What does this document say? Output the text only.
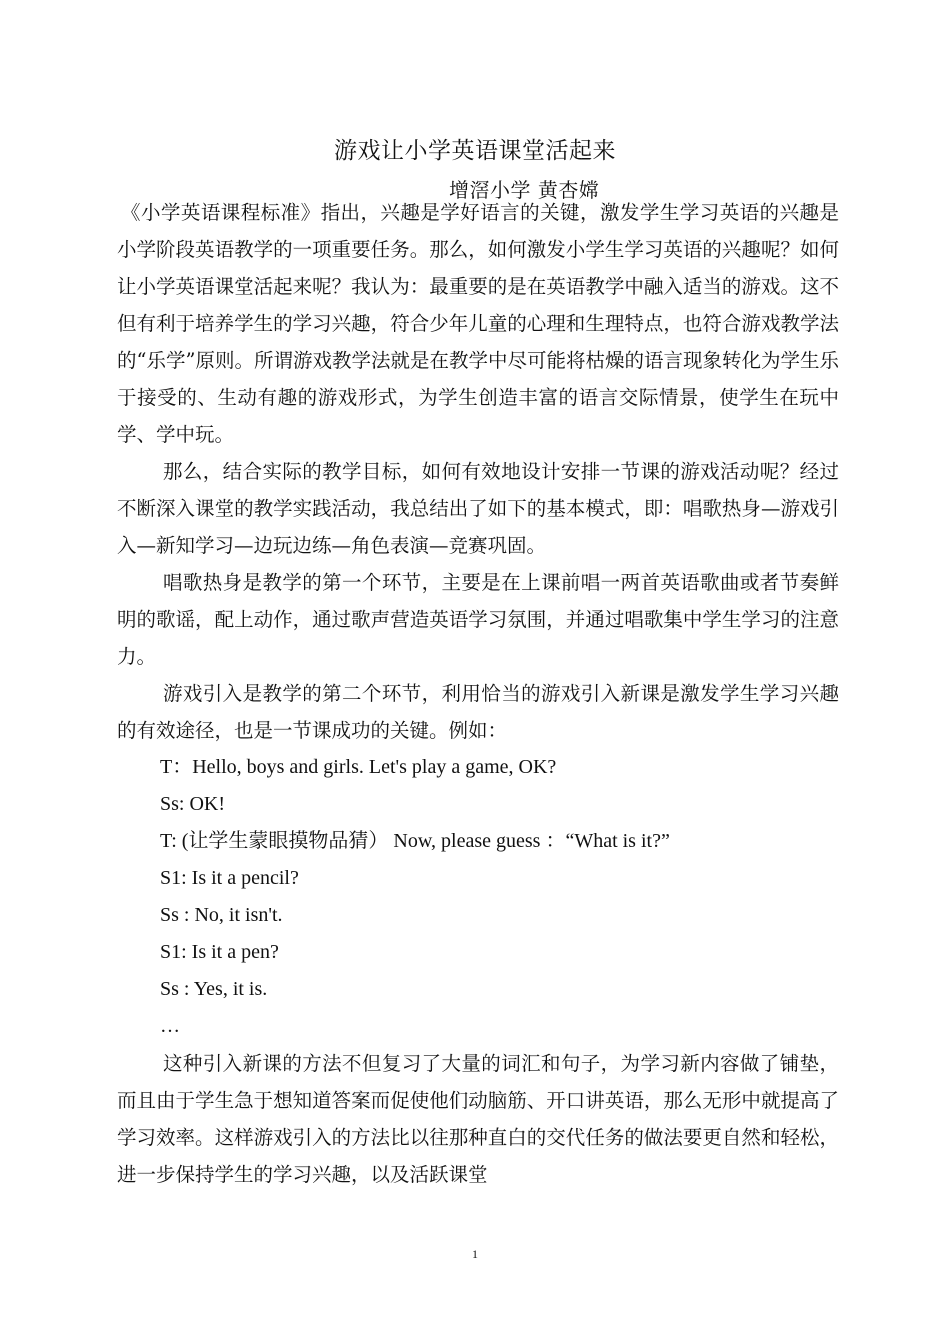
游戏让小学英语课堂活起来
增滘小学 黄杏嫦

《小学英语课程标准》指出，兴趣是学好语言的关键，激发学生学习英语的兴趣是小学阶段英语教学的一项重要任务。那么，如何激发小学生学习英语的兴趣呢？如何让小学英语课堂活起来呢？我认为：最重要的是在英语教学中融入适当的游戏。这不但有利于培养学生的学习兴趣，符合少年儿童的心理和生理特点，也符合游戏教学法的“乐学”原则。所谓游戏教学法就是在教学中尽可能将枯燥的语言现象转化为学生乐于接受的、生动有趣的游戏形式，为学生创造丰富的语言交际情景，使学生在玩中学、学中玩。

那么，结合实际的教学目标，如何有效地设计安排一节课的游戏活动呢？经过不断深入课堂的教学实践活动，我总结出了如下的基本模式，即：唱歌热身—游戏引入—新知学习—边玩边练—角色表演—竞赛巩固。

唱歌热身是教学的第一个环节，主要是在上课前唱一两首英语歌曲或者节奏鲜明的歌谣，配上动作，通过歌声营造英语学习氛围，并通过唱歌集中学生学习的注意力。

游戏引入是教学的第二个环节，利用恰当的游戏引入新课是激发学生学习兴趣的有效途径，也是一节课成功的关键。例如：

T：Hello, boys and girls. Let's play a game, OK?

Ss: OK!

T: (让学生蒙眼摸物品猜） Now, please guess ：“What is it?”

S1: Is it a pencil?

Ss : No, it isn't.

S1: Is it a pen?

Ss : Yes, it is.

…

这种引入新课的方法不但复习了大量的词汇和句子，为学习新内容做了铺垫，而且由于学生急于想知道答案而促使他们动脑筋、开口讲英语，那么无形中就提高了学习效率。这样游戏引入的方法比以往那种直白的交代任务的做法要更自然和轻松，进一步保持学生的学习兴趣，以及活跃课堂

1
